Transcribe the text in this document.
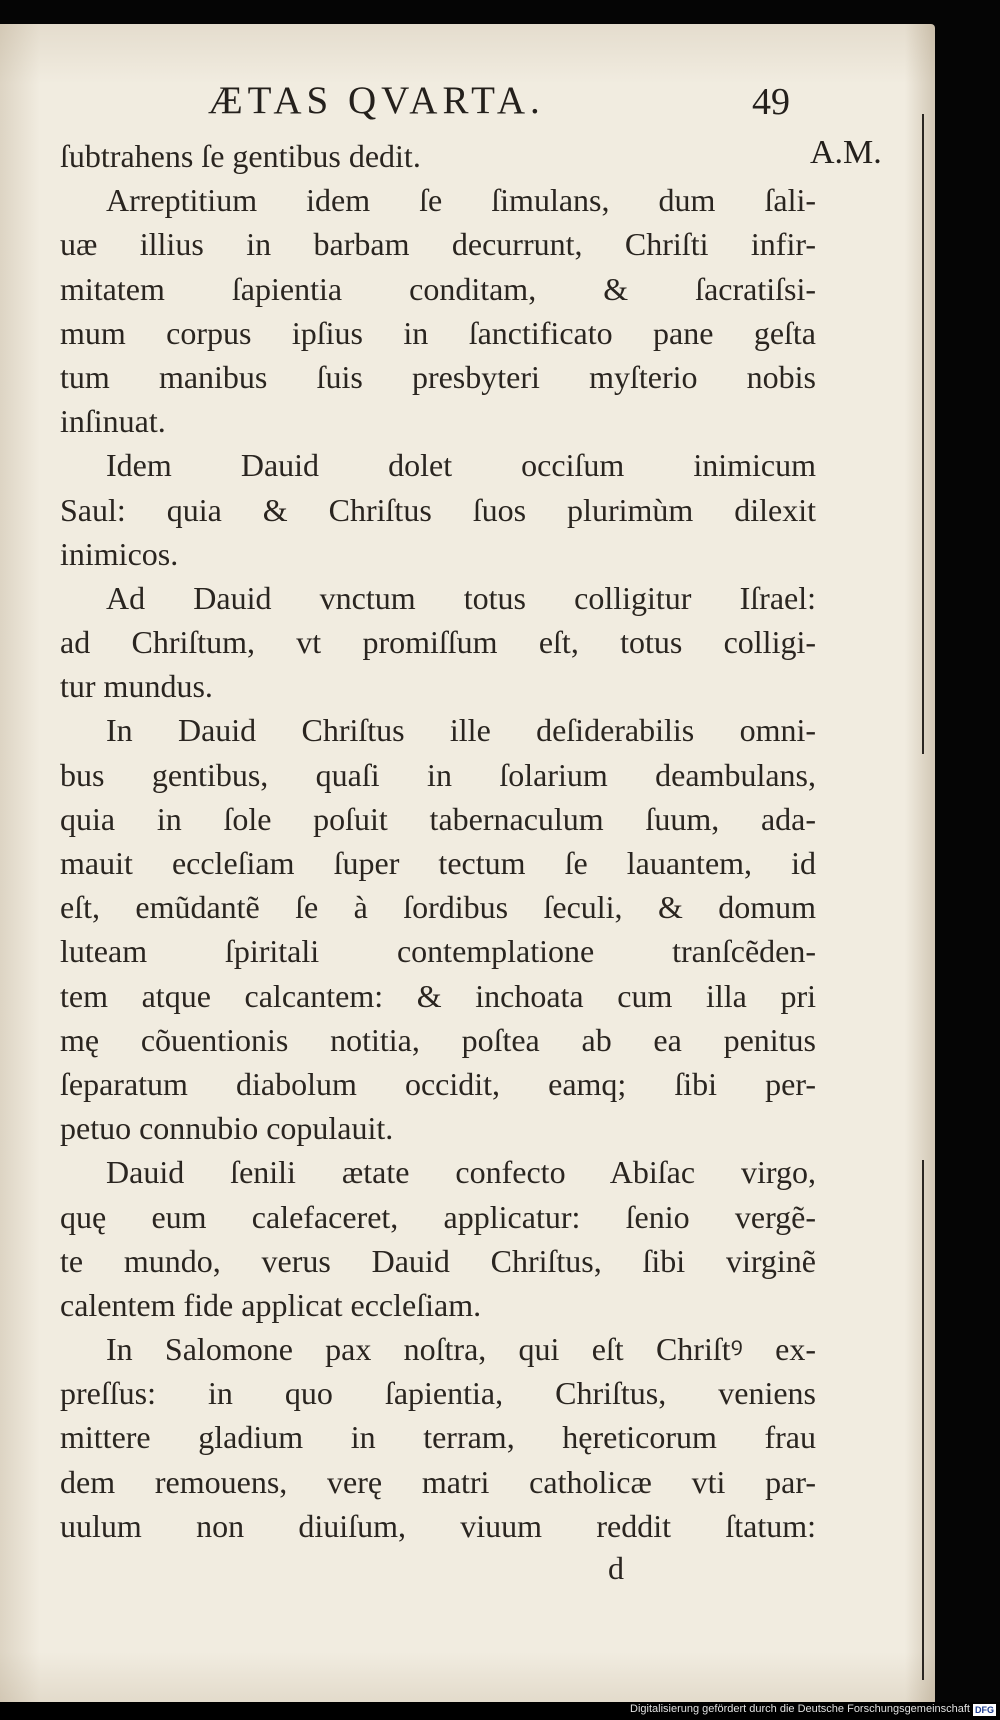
ÆTAS QVARTA.	49
A.M.
ſubtrahens ſe gentibus dedit.
Arreptitium idem ſe ſimulans, dum ſali-
uæ illius in barbam decurrunt, Chriſti infir-
mitatem ſapientia conditam, & ſacratiſsi-
mum corpus ipſius in ſanctificato pane geſta
tum manibus ſuis presbyteri myſterio nobis
inſinuat.
Idem Dauid dolet occiſum inimicum
Saul: quia & Chriſtus ſuos plurimùm dilexit
inimicos.
Ad Dauid vnctum totus colligitur Iſrael:
ad Chriſtum, vt promiſſum eſt, totus colligi-
tur mundus.
In Dauid Chriſtus ille deſiderabilis omni-
bus gentibus, quaſi in ſolarium deambulans,
quia in ſole poſuit tabernaculum ſuum, ada-
mauit eccleſiam ſuper tectum ſe lauantem, id
eſt, emũdantẽ ſe à ſordibus ſeculi, & domum
luteam ſpiritali contemplatione tranſcẽden-
tem atque calcantem: & inchoata cum illa pri
mę cõuentionis notitia, poſtea ab ea penitus
ſeparatum diabolum occidit, eamq; ſibi per-
petuo connubio copulauit.
Dauid ſenili ætate confecto Abiſac virgo,
quę eum calefaceret, applicatur: ſenio vergẽ-
te mundo, verus Dauid Chriſtus, ſibi virginẽ
calentem fide applicat eccleſiam.
In Salomone pax noſtra, qui eſt Chriſtꝰ ex-
preſſus: in quo ſapientia, Chriſtus, veniens
mittere gladium in terram, hęreticorum frau
dem remouens, verę matri catholicæ vti par-
uulum non diuiſum, viuum reddit ſtatum:
d
Digitalisierung gefördert durch die Deutsche Forschungsgemeinschaft DFG
